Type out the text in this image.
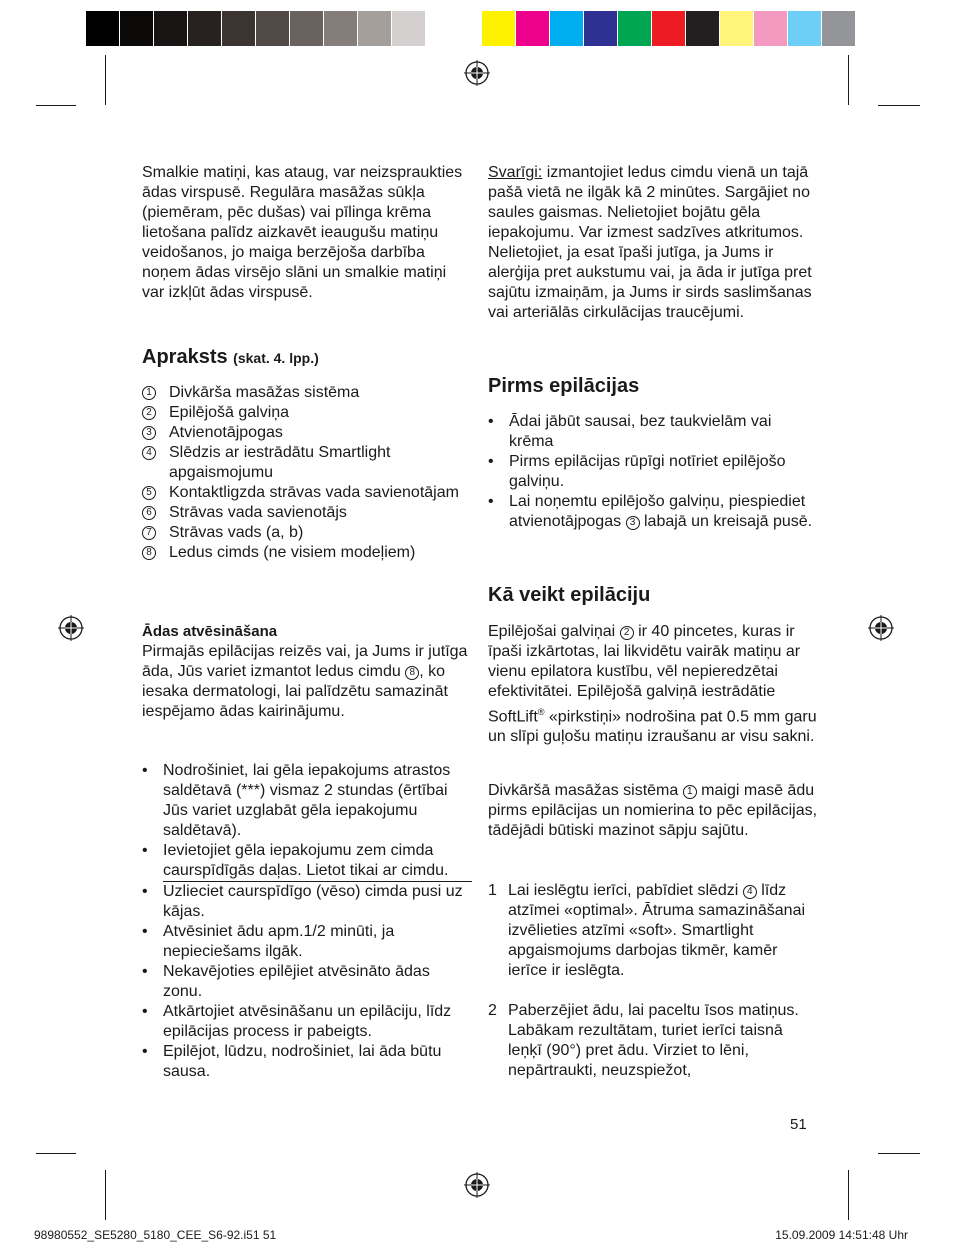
Smalkie matiņi, kas ataug, var neizspraukties ādas virspusē. Regulāra masāžas sūkļa (piemēram, pēc dušas) vai pīlinga krēma lietošana palīdz aizkavēt ieaugušu matiņu veidošanos, jo maiga berzējoša darbība noņem ādas virsējo slāni un smalkie matiņi var izkļūt ādas virspusē.

Apraksts (skat. 4. lpp.)
1 Divkārša masāžas sistēma
2 Epilējošā galviņa
3 Atvienotājpogas
4 Slēdzis ar iestrādātu Smartlight apgaismojumu
5 Kontaktligzda strāvas vada savienotājam
6 Strāvas vada savienotājs
7 Strāvas vads (a, b)
8 Ledus cimds (ne visiem modeļiem)

Ādas atvēsināšana

Pirmajās epilācijas reizēs vai, ja Jums ir jutīga āda, Jūs variet izmantot ledus cimdu 8 , ko iesaka dermatologi, lai palīdzētu samazināt iespējamo ādas kairinājumu.

• Nodrošiniet, lai gēla iepakojums atrastos saldētavā (***) vismaz 2 stundas (ērtībai Jūs variet uzglabāt gēla iepakojumu saldētavā).
• Ievietojiet gēla iepakojumu zem cimda caurspīdīgās daļas. Lietot tikai ar cimdu.
• Uzlieciet caurspīdīgo (vēso) cimda pusi uz kājas.
• Atvēsiniet ādu apm.1/2 minūti, ja nepieciešams ilgāk.
• Nekavējoties epilējiet atvēsināto ādas zonu.
• Atkārtojiet atvēsināšanu un epilāciju, līdz epilācijas process ir pabeigts.
• Epilējot, lūdzu, nodrošiniet, lai āda būtu sausa.

Svarīgi: izmantojiet ledus cimdu vienā un tajā pašā vietā ne ilgāk kā 2 minūtes. Sargājiet no saules gaismas. Nelietojiet bojātu gēla iepakojumu. Var izmest sadzīves atkritumos. Nelietojiet, ja esat īpaši jutīga, ja Jums ir alerģija pret aukstumu vai, ja āda ir jutīga pret sajūtu izmaiņām, ja Jums ir sirds saslimšanas vai arteriālās cirkulācijas traucējumi.

Pirms epilācijas

• Ādai jābūt sausai, bez taukvielām vai krēma
• Pirms epilācijas rūpīgi notīriet epilējošo galviņu.
• Lai noņemtu epilējošo galviņu, piespiediet atvienotājpogas 3 labajā un kreisajā pusē.

Kā veikt epilāciju

Epilējošai galviņai 2 ir 40 pincetes, kuras ir īpaši izkārtotas, lai likvidētu vairāk matiņu ar vienu epilatora kustību, vēl nepieredzētai efektivitātei. Epilējošā galviņā iestrādātie SoftLift® «pirkstiņi» nodrošina pat 0.5 mm garu un slīpi guļošu matiņu izraušanu ar visu sakni.

Divkāršā masāžas sistēma 1 maigi masē ādu pirms epilācijas un nomierina to pēc epilācijas, tādējādi būtiski mazinot sāpju sajūtu.

1 Lai ieslēgtu ierīci, pabīdiet slēdzi 4 līdz atzīmei «optimal». Ātruma samazināšanai izvēlieties atzīmi «soft». Smartlight apgaismojums darbojas tikmēr, kamēr ierīce ir ieslēgta.
2 Paberzējiet ādu, lai paceltu īsos matiņus. Labākam rezultātam, turiet ierīci taisnā leņķī (90°) pret ādu. Virziet to lēni, nepārtraukti, neuzspiežot,
51
98980552_SE5280_5180_CEE_S6-92.i51 51	15.09.2009 14:51:48 Uhr
